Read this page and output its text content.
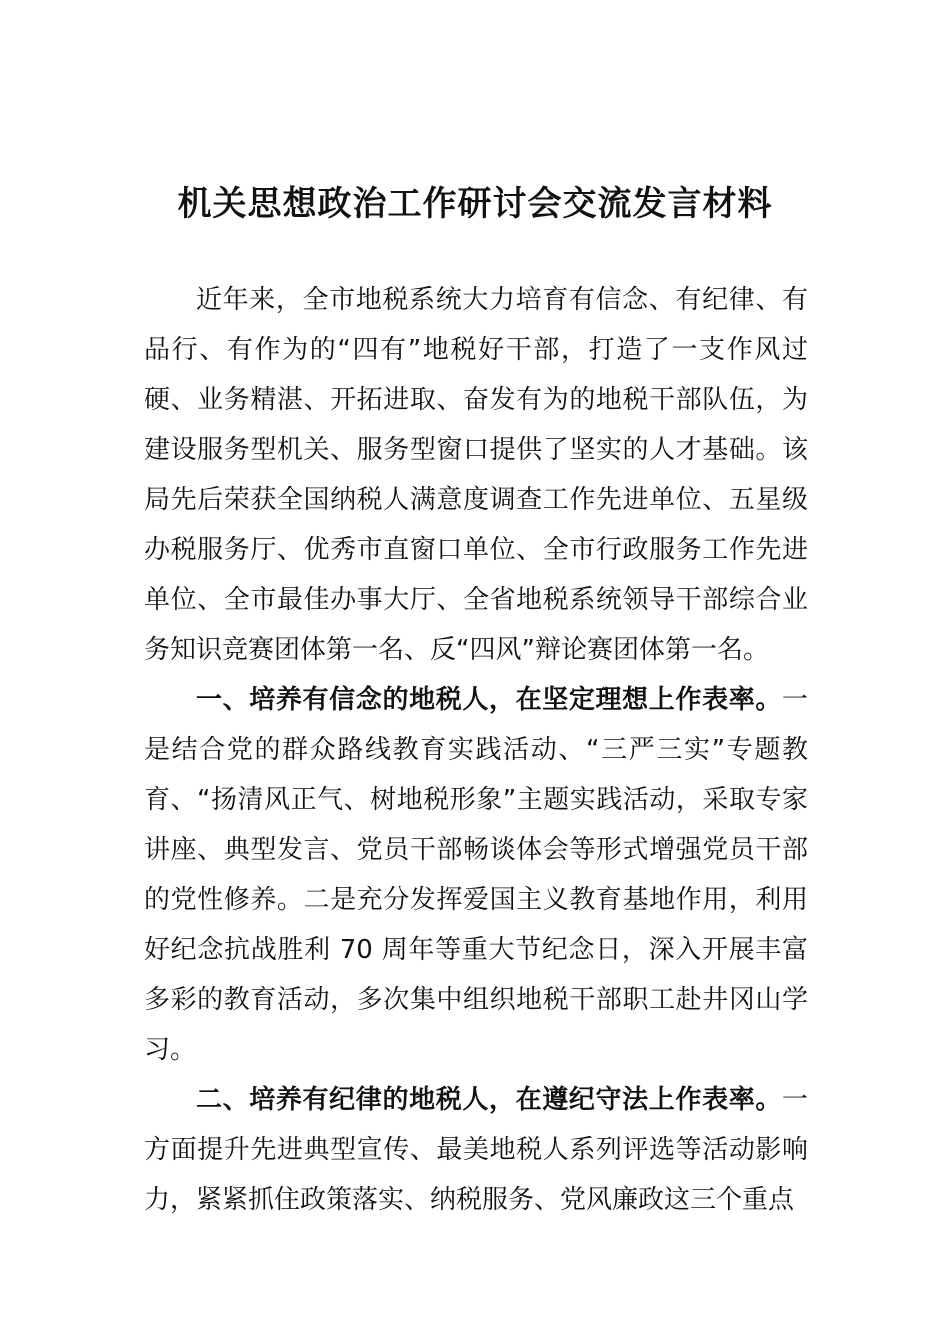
机关思想政治工作研讨会交流发言材料

近年来，全市地税系统大力培育有信念、有纪律、有品行、有作为的“四有”地税好干部，打造了一支作风过硬、业务精湛、开拓进取、奋发有为的地税干部队伍，为建设服务型机关、服务型窗口提供了坚实的人才基础。该局先后荣获全国纳税人满意度调查工作先进单位、五星级办税服务厅、优秀市直窗口单位、全市行政服务工作先进单位、全市最佳办事大厅、全省地税系统领导干部综合业务知识竞赛团体第一名、反“四风”辩论赛团体第一名。

一、培养有信念的地税人，在坚定理想上作表率。一是结合党的群众路线教育实践活动、“三严三实”专题教育、“扬清风正气、树地税形象”主题实践活动，采取专家讲座、典型发言、党员干部畅谈体会等形式增强党员干部的党性修养。二是充分发挥爱国主义教育基地作用，利用好纪念抗战胜利 70 周年等重大节纪念日，深入开展丰富多彩的教育活动，多次集中组织地税干部职工赴井冈山学习。

二、培养有纪律的地税人，在遵纪守法上作表率。一方面提升先进典型宣传、最美地税人系列评选等活动影响力，紧紧抓住政策落实、纳税服务、党风廉政这三个重点
